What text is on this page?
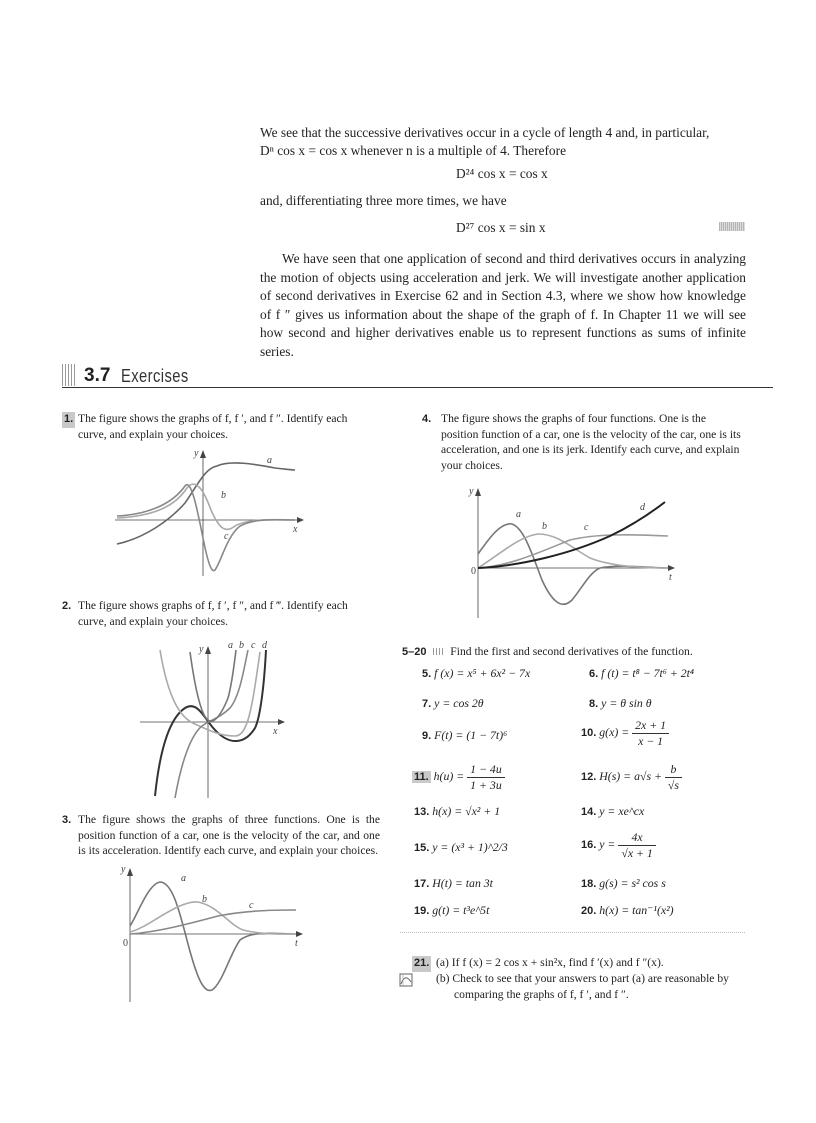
We see that the successive derivatives occur in a cycle of length 4 and, in particular,
Dⁿ cos x = cos x whenever n is a multiple of 4. Therefore
D²⁴ cos x = cos x
and, differentiating three more times, we have
D²⁷ cos x = sin x
We have seen that one application of second and third derivatives occurs in analyzing the motion of objects using acceleration and jerk. We will investigate another application of second derivatives in Exercise 62 and in Section 4.3, where we show how knowledge of f ″ gives us information about the shape of the graph of f. In Chapter 11 we will see how second and higher derivatives enable us to represent functions as sums of infinite series.
3.7 Exercises
1. The figure shows the graphs of f, f ′, and f ″. Identify each curve, and explain your choices.
y
x
a
b
c
2. The figure shows graphs of f, f ′, f ″, and f ‴. Identify each curve, and explain your choices.
y
x
a b c d
3. The figure shows the graphs of three functions. One is the position function of a car, one is the velocity of the car, and one is its acceleration. Identify each curve, and explain your choices.
y
t
0
a
b
c
4. The figure shows the graphs of four functions. One is the position function of a car, one is the velocity of the car, one is its acceleration, and one is its jerk. Identify each curve, and explain your choices.
y
t
0
a
b	c
d
5–20 Find the first and second derivatives of the function.
5. f (x) = x⁵ + 6x² − 7x
7. y = cos 2θ
9. F(t) = (1 − 7t)⁶
11. $h(u) = \frac{1 - 4u}{1 + 3u}$
13. h(x) = √x² + 1
15. y = (x³ + 1)^2/3
17. H(t) = tan 3t
19. g(t) = t³e^5t
6. f (t) = t⁸ − 7t⁶ + 2t⁴
8. y = θ sin θ
10. $g(x) = \frac{2x + 1}{x - 1}$
12. $H(s) = a√s + \frac{b}{√s}$
14. y = xe^cx
16. $y = \frac{4x}{√x + 1}$
18. g(s) = s² cos s
20. h(x) = tan⁻¹(x²)
21. (a) If f (x) = 2 cos x + sin²x, find f ′(x) and f ″(x).
(b) Check to see that your answers to part (a) are reasonable by comparing the graphs of f, f ′, and f ″.
